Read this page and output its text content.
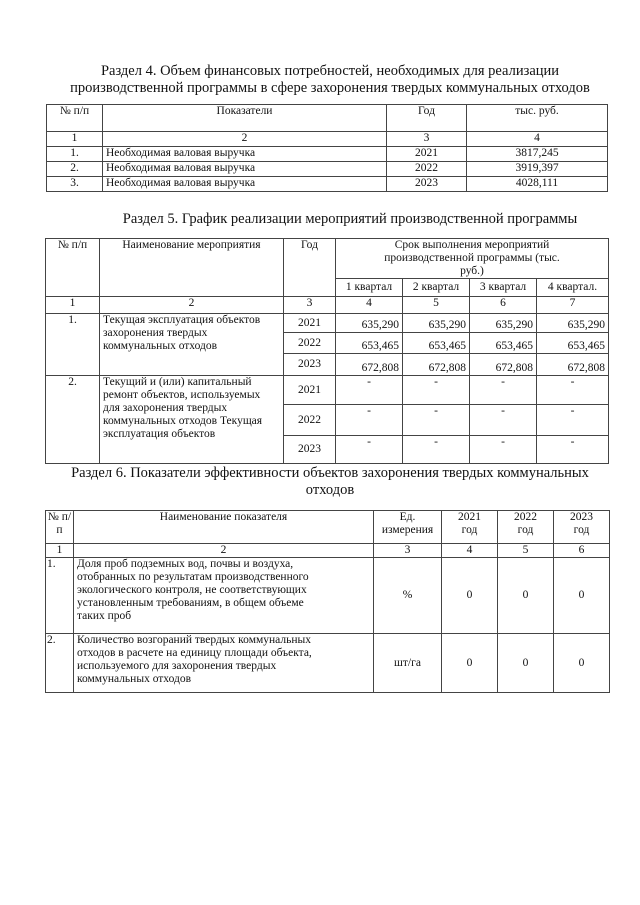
Раздел 4. Объем финансовых потребностей, необходимых для реализации
производственной программы в сфере захоронения твердых коммунальных отходов
№ п/п	Показатели	Год	тыс. руб.
1	2	3	4
1.	Необходимая валовая выручка	2021	3817,245
2.	Необходимая валовая выручка	2022	3919,397
3.	Необходимая валовая выручка	2023	4028,111
Раздел 5. График реализации мероприятий производственной программы
№ п/п	Наименование мероприятия	Год	Срок выполнения мероприятий производственной программы (тыс. руб.)			
			1 квартал	2 квартал	3 квартал	4 квартал.
1	2	3	4	5	6	7
1.	Текущая эксплуатация объектов захоронения твердых коммунальных отходов	2021	635,290	635,290	635,290	635,290
		2022	653,465	653,465	653,465	653,465
		2023	672,808	672,808	672,808	672,808
2.	Текущий и (или) капитальный ремонт объектов, используемых для захоронения твердых коммунальных отходов Текущая эксплуатация объектов	2021	-	-	-	-
		2022	-	-	-	-
		2023	-	-	-	-
Раздел 6. Показатели эффективности объектов захоронения твердых коммунальных
отходов
№ п/п	Наименование показателя	Ед. измерения	2021 год	2022 год	2023 год
1	2	3	4	5	6
1.	Доля проб подземных вод, почвы и воздуха, отобранных по результатам производственного экологического контроля, не соответствующих установленным требованиям, в общем объеме таких проб	%	0	0	0
2.	Количество возгораний твердых коммунальных отходов в расчете на единицу площади объекта, используемого для захоронения твердых коммунальных отходов	шт/га	0	0	0
